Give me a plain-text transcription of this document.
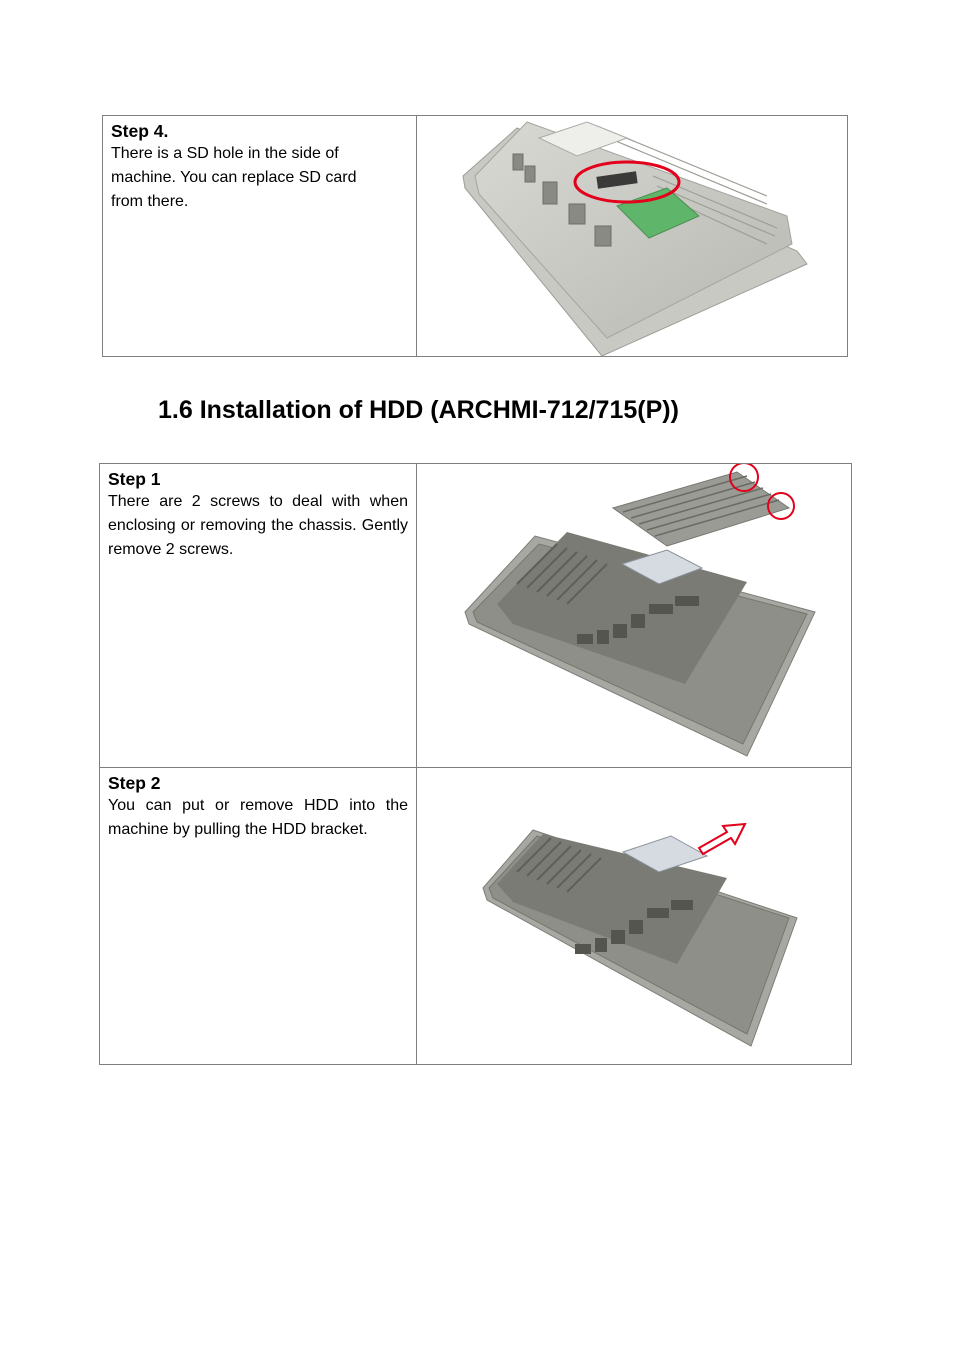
Step 4.
There is a SD hole in the side of machine. You can replace SD card from there.

1.6 Installation of HDD (ARCHMI-712/715(P))
Step 1
There are 2 screws to deal with when enclosing or removing the chassis. Gently remove 2 screws.

Step 2
You can put or remove HDD into the machine by pulling the HDD bracket.
